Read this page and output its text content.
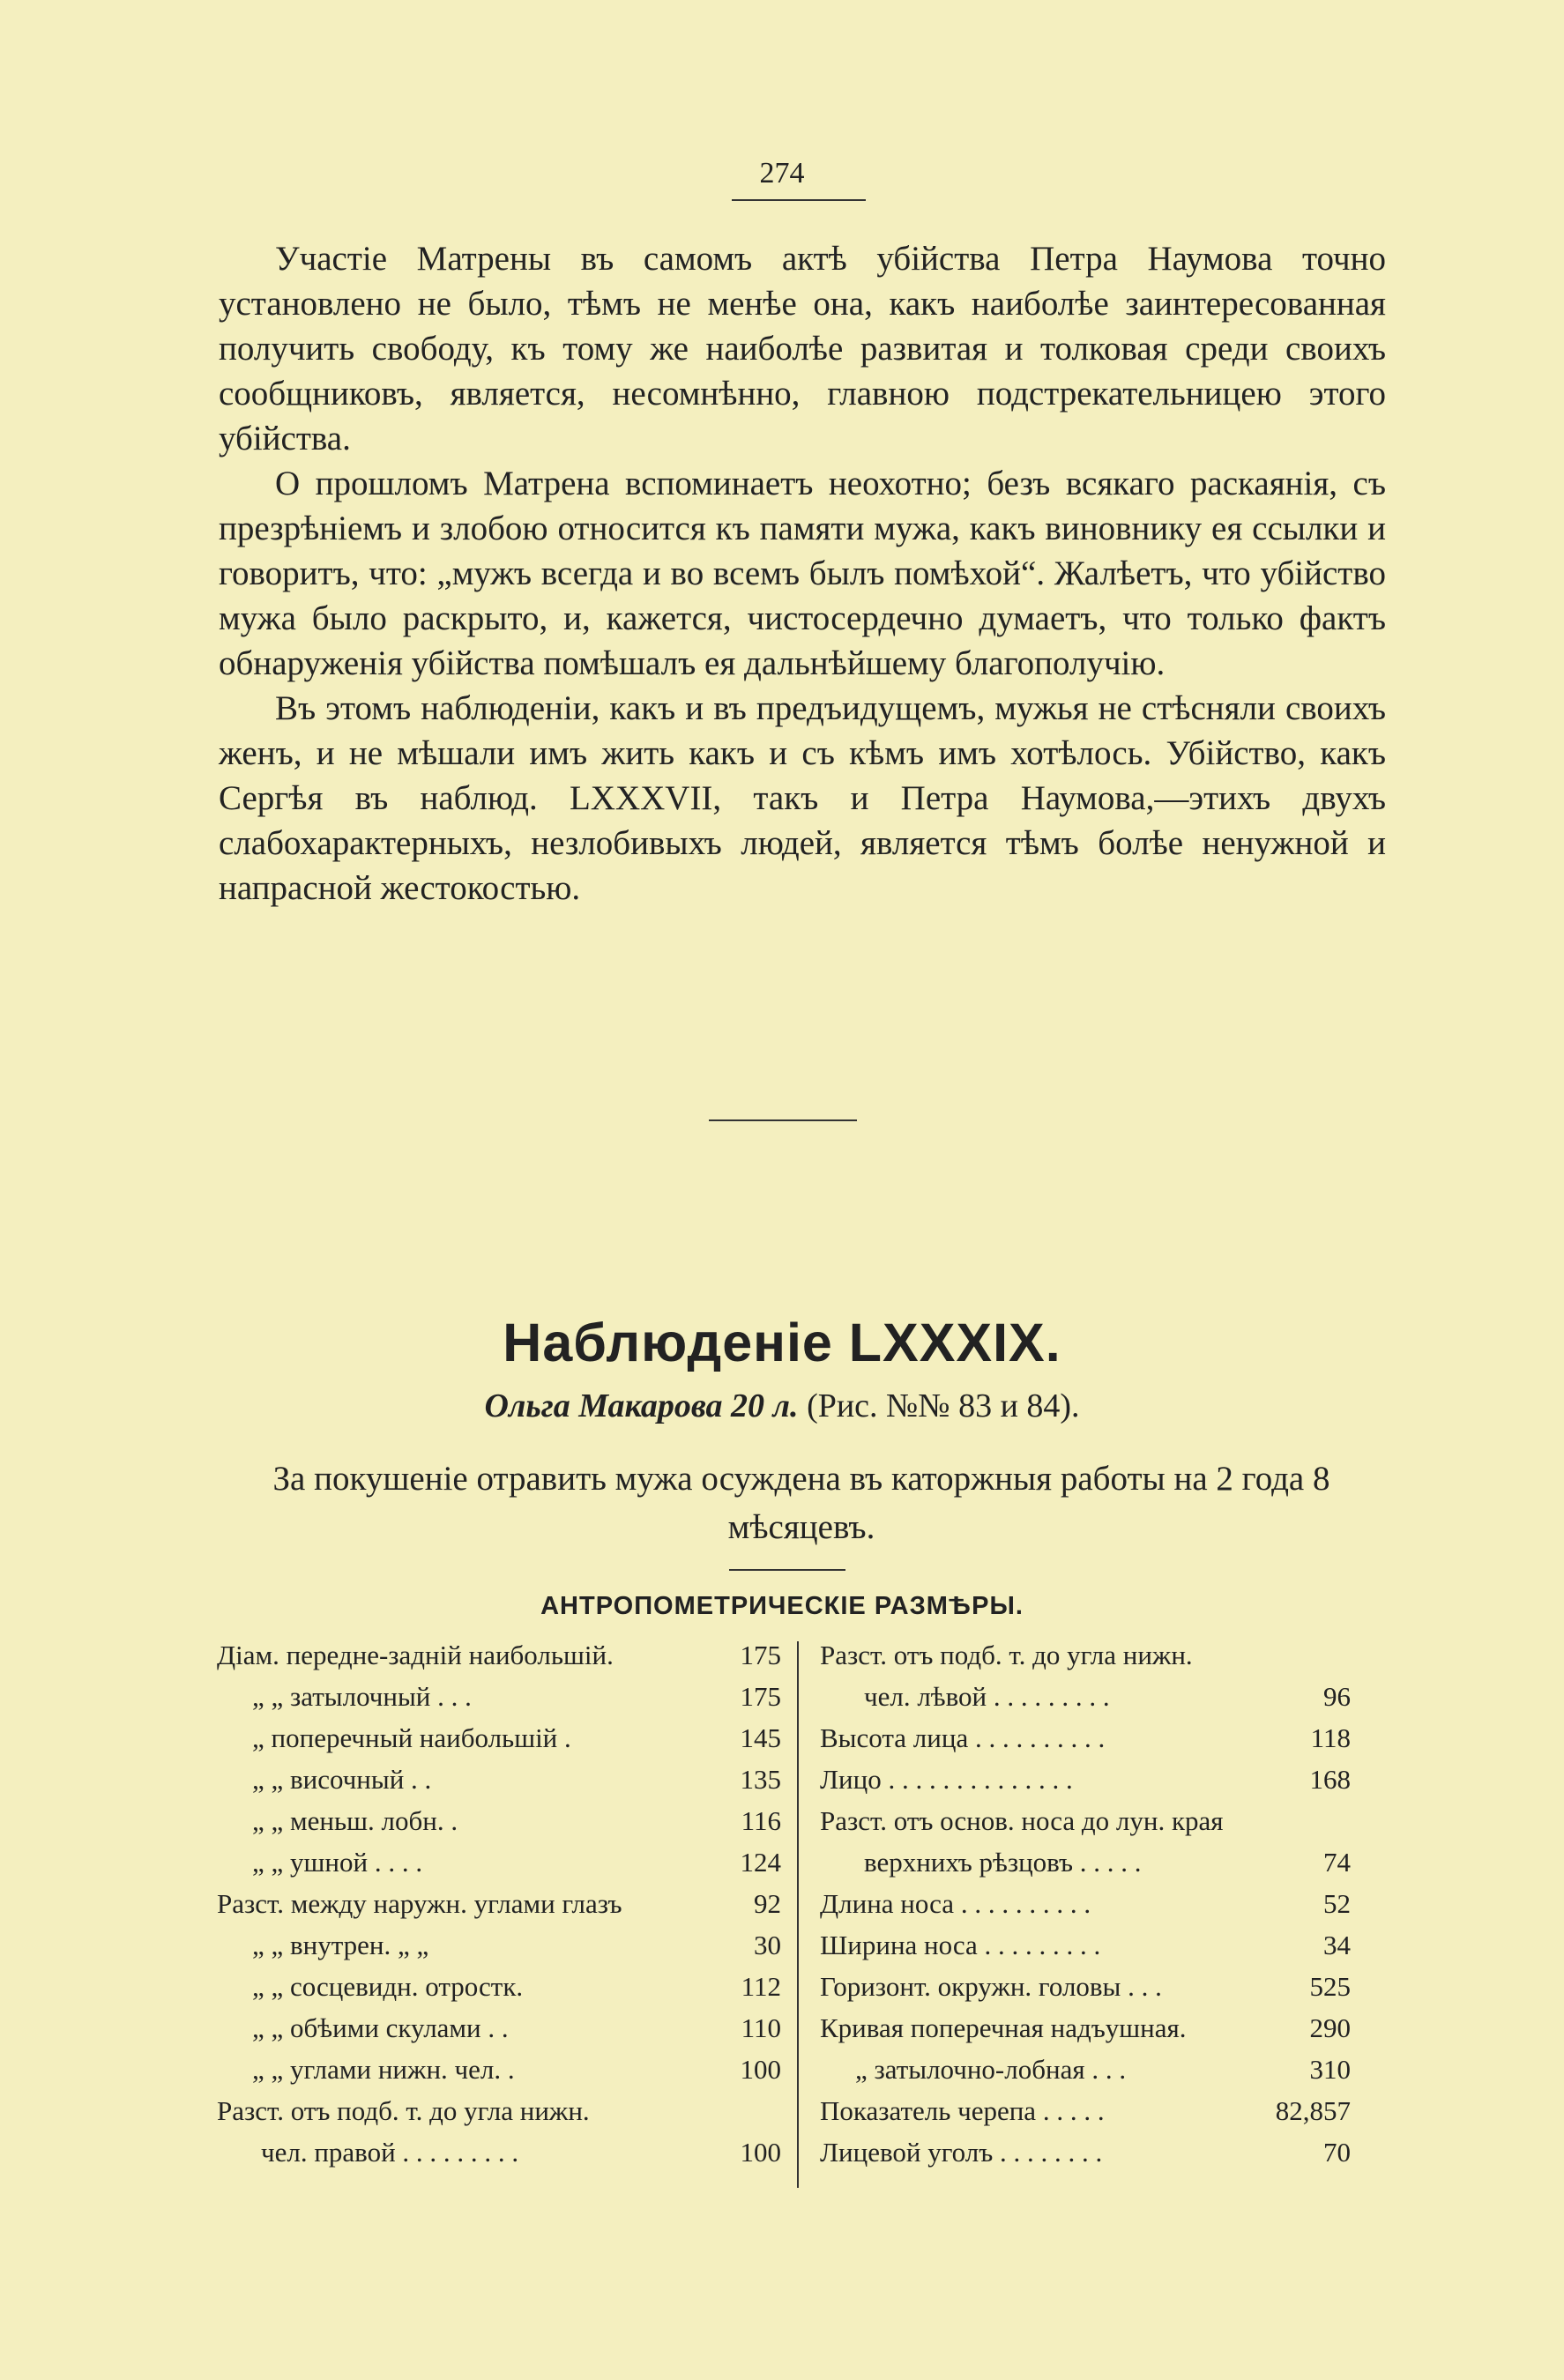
274

Участіе Матрены въ самомъ актѣ убійства Петра Наумова точно установлено не было, тѣмъ не менѣе она, какъ наиболѣе заинтересованная получить свободу, къ тому же наиболѣе развитая и толковая среди своихъ сообщниковъ, является, несомнѣнно, главною подстрекательницею этого убійства.

О прошломъ Матрена вспоминаетъ неохотно; безъ всякаго раскаянія, съ презрѣніемъ и злобою относится къ памяти мужа, какъ виновнику ея ссылки и говоритъ, что: „мужъ всегда и во всемъ былъ помѣхой“. Жалѣетъ, что убійство мужа было раскрыто, и, кажется, чистосердечно думаетъ, что только фактъ обнаруженія убійства помѣшалъ ея дальнѣйшему благополучію.

Въ этомъ наблюденіи, какъ и въ предъидущемъ, мужья не стѣсняли своихъ женъ, и не мѣшали имъ жить какъ и съ кѣмъ имъ хотѣлось. Убійство, какъ Сергѣя въ наблюд. LXXXVII, такъ и Петра Наумова,—этихъ двухъ слабохарактерныхъ, незлобивыхъ людей, является тѣмъ болѣе ненужной и напрасной жестокостью.

Наблюденіе LXXXIX.
Ольга Макарова 20 л. (Рис. №№ 83 и 84).
За покушеніе отравить мужа осуждена въ каторжныя работы на 2 года 8 мѣсяцевъ.
АНТРОПОМЕТРИЧЕСКІЕ РАЗМѢРЫ.
Діам. передне-задній наибольшій.	175
„ „ затылочный . . .	175
„ поперечный наибольшій .	145
„ „ височный . .	135
„ „ меньш. лобн. .	116
„ „ ушной . . . .	124
Разст. между наружн. углами глазъ	92
„ „ внутрен. „ „	30
„ „ сосцевидн. отростк.	112
„ „ обѣими скулами . .	110
„ „ углами нижн. чел. .	100
Разст. отъ подб. т. до угла нижн.
чел. правой . . . . . . . . .	100
Разст. отъ подб. т. до угла нижн.
чел. лѣвой . . . . . . . . .	96
Высота лица . . . . . . . . . .	118
Лицо . . . . . . . . . . . . . .	168
Разст. отъ основ. носа до лун. края
верхнихъ рѣзцовъ . . . . .	74
Длина носа . . . . . . . . . .	52
Ширина носа . . . . . . . . .	34
Горизонт. окружн. головы . . .	525
Кривая поперечная надъушная.	290
„ затылочно-лобная . . .	310
Показатель черепа . . . . .	82,857
Лицевой уголъ . . . . . . . .	70
